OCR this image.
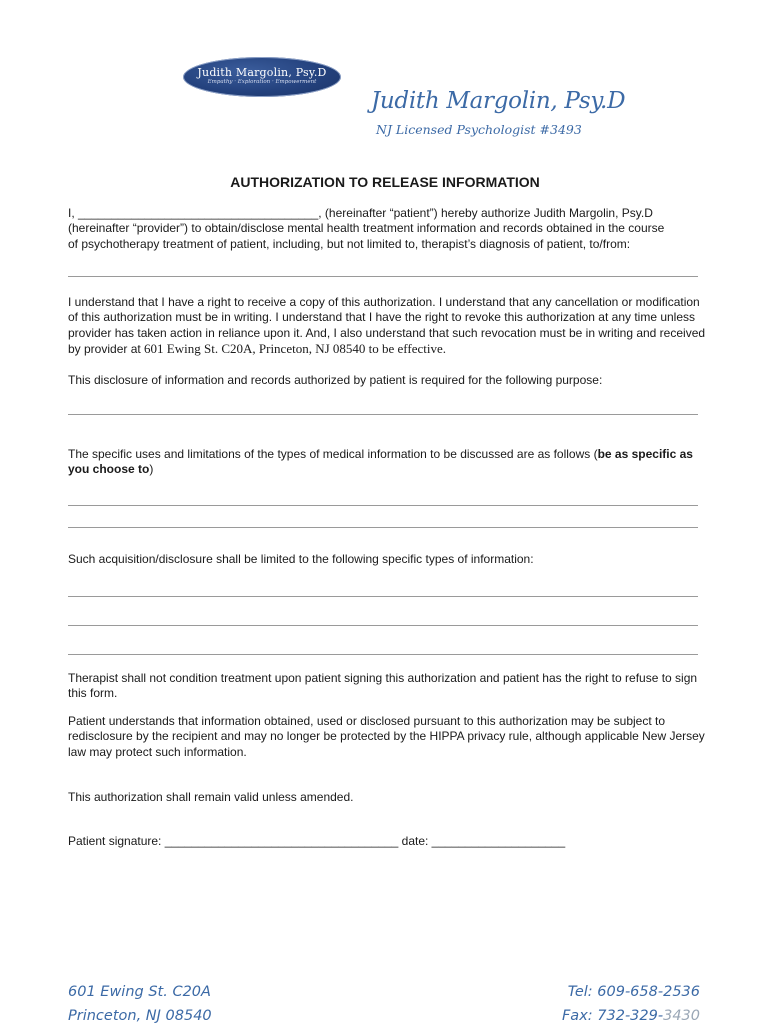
Judith Margolin, Psy.D
Empathy · Exploration · Empowerment
Judith Margolin, Psy.D
NJ Licensed Psychologist #3493
AUTHORIZATION TO RELEASE INFORMATION
I, ____________________________________, (hereinafter “patient”) hereby authorize Judith Margolin, Psy.D
(hereinafter “provider”) to obtain/disclose mental health treatment information and records obtained in the course
of psychotherapy treatment of patient, including, but not limited to, therapist’s diagnosis of patient, to/from:
I understand that I have a right to receive a copy of this authorization. I understand that any cancellation or modification of this authorization must be in writing. I understand that I have the right to revoke this authorization at any time unless provider has taken action in reliance upon it. And, I also understand that such revocation must be in writing and received by provider at 601 Ewing St. C20A, Princeton, NJ 08540 to be effective.
This disclosure of information and records authorized by patient is required for the following purpose:
The specific uses and limitations of the types of medical information to be discussed are as follows (be as specific as you choose to)
Such acquisition/disclosure shall be limited to the following specific types of information:
Therapist shall not condition treatment upon patient signing this authorization and patient has the right to refuse to sign this form.
Patient understands that information obtained, used or disclosed pursuant to this authorization may be subject to redisclosure by the recipient and may no longer be protected by the HIPPA privacy rule, although applicable New Jersey law may protect such information.
This authorization shall remain valid unless amended.
Patient signature: ___________________________________ date: ____________________
601 Ewing St. C20A
Princeton, NJ 08540
Tel: 609-658-2536
Fax: 732-329-3430
